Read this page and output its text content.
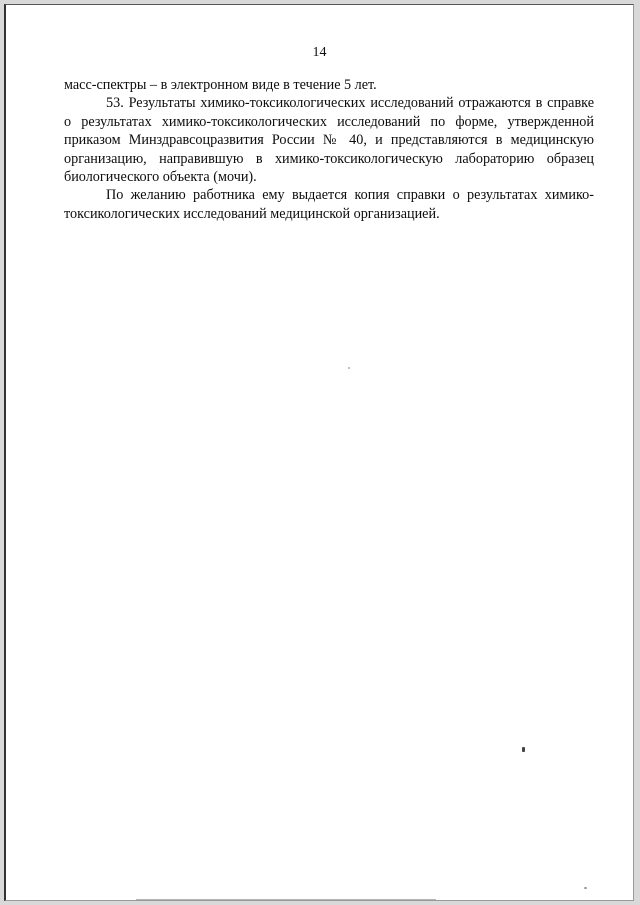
14

масс-спектры – в электронном виде в течение 5 лет.

53. Результаты химико-токсикологических исследований отражаются в справке о результатах химико-токсикологических исследований по форме, утвержденной приказом Минздравсоцразвития России № 40, и представляются в медицинскую организацию, направившую в химико-токсикологическую лабораторию образец биологического объекта (мочи).

По желанию работника ему выдается копия справки о результатах химико-токсикологических исследований медицинской организацией.
